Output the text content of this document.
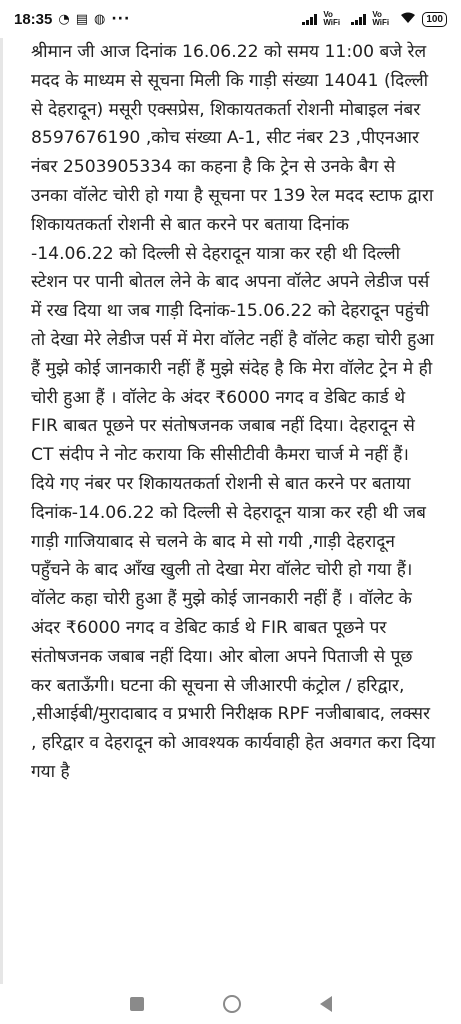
18:35 ◔ ▤ ◍ ···	Vo WiFi
Vo WiFi	100

श्रीमान जी आज दिनांक 16.06.22 को समय 11:00 बजे रेल मदद के माध्यम से सूचना मिली कि गाड़ी संख्या 14041 (दिल्ली से देहरादून) मसूरी एक्सप्रेस, शिकायतकर्ता रोशनी मोबाइल नंबर 8597676190 ,कोच संख्या A-1, सीट नंबर 23 ,पीएनआर नंबर 2503905334 का कहना है कि ट्रेन से उनके बैग से उनका वॉलेट चोरी हो गया है सूचना पर 139 रेल मदद स्टाफ द्वारा शिकायतकर्ता रोशनी से बात करने पर बताया दिनांक -14.06.22 को दिल्ली से देहरादून यात्रा कर रही थी दिल्ली स्टेशन पर पानी बोतल लेने के बाद अपना वॉलेट अपने लेडीज पर्स में रख दिया था जब गाड़ी दिनांक-15.06.22 को देहरादून पहुंची तो देखा मेरे लेडीज पर्स में मेरा वॉलेट नहीं है वॉलेट कहा चोरी हुआ हैं मुझे कोई जानकारी नहीं हैं मुझे संदेह है कि मेरा वॉलेट ट्रेन मे ही चोरी हुआ हैं । वॉलेट के अंदर ₹6000 नगद व डेबिट कार्ड थे FIR बाबत पूछने पर संतोषजनक जबाब नहीं दिया। देहरादून से CT संदीप ने नोट कराया कि सीसीटीवी कैमरा चार्ज मे नहीं हैं। दिये गए नंबर पर शिकायतकर्ता रोशनी से बात करने पर बताया दिनांक-14.06.22 को दिल्ली से देहरादून यात्रा कर रही थी जब गाड़ी गाजियाबाद से चलने के बाद मे सो गयी ,गाड़ी देहरादून पहुँचने के बाद आँख खुली तो देखा मेरा वॉलेट चोरी हो गया हैं। वॉलेट कहा चोरी हुआ हैं मुझे कोई जानकारी नहीं हैं । वॉलेट के अंदर ₹6000 नगद व डेबिट कार्ड थे FIR बाबत पूछने पर संतोषजनक जबाब नहीं दिया। ओर बोला अपने पिताजी से पूछ कर बताऊँगी। घटना की सूचना से जीआरपी कंट्रोल / हरिद्वार, ,सीआईबी/मुरादाबाद व प्रभारी निरीक्षक RPF नजीबाबाद, लक्सर , हरिद्वार व देहरादून को आवश्यक कार्यवाही हेत अवगत करा दिया गया है
